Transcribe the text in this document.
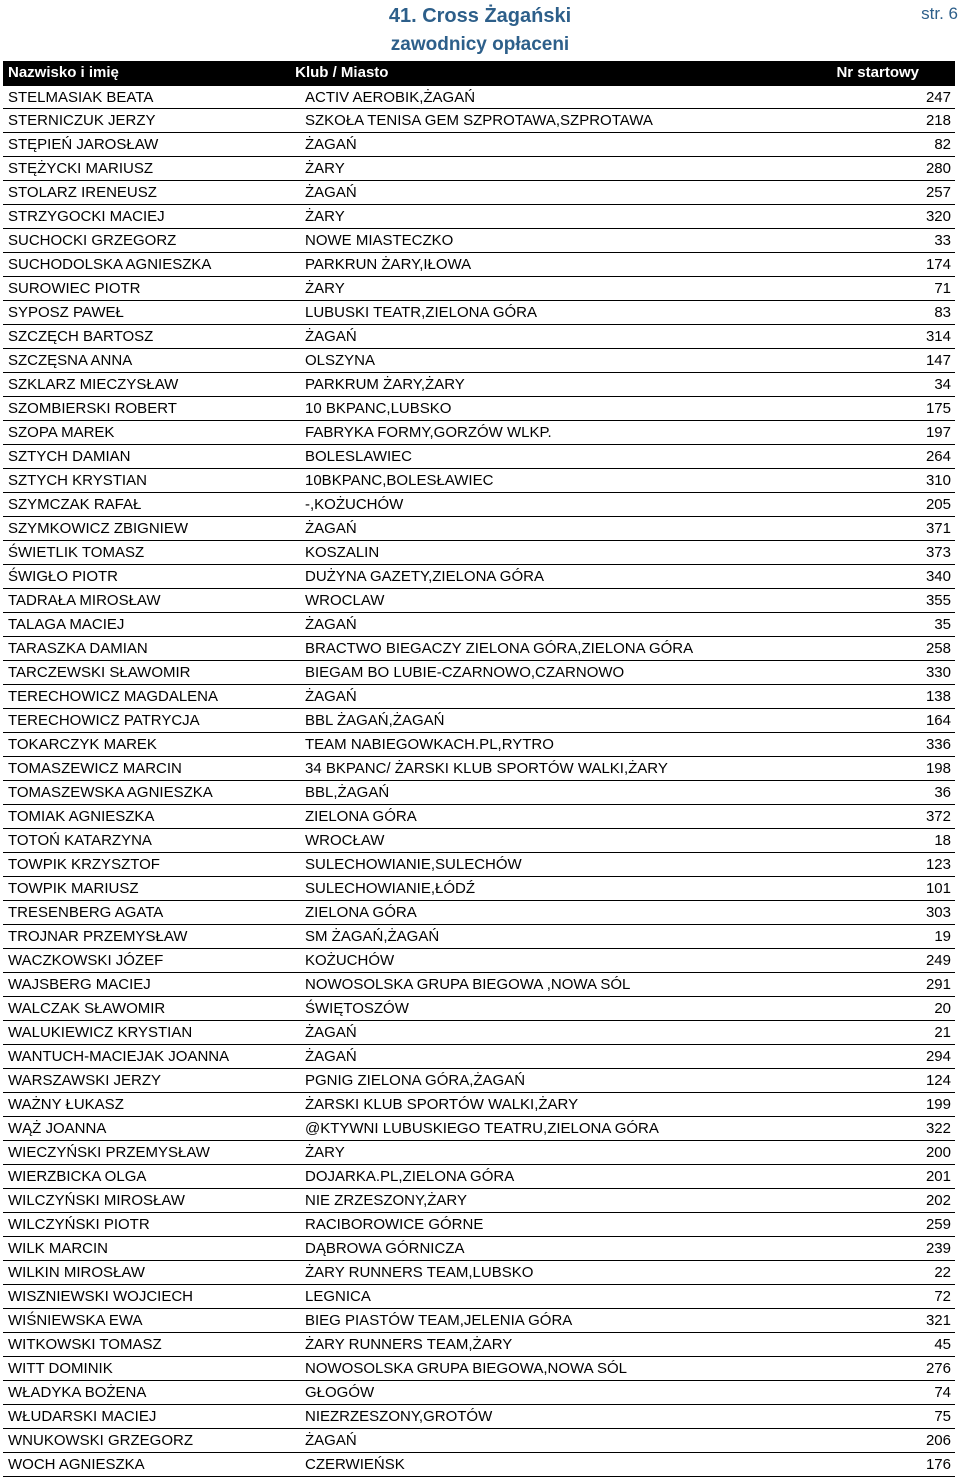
41. Cross Żagański
zawodnicy opłaceni
str. 6
Nazwisko i imię	Klub / Miasto	Nr startowy
STELMASIAK BEATA	ACTIV AEROBIK,ŻAGAŃ	247
STERNICZUK JERZY	SZKOŁA TENISA GEM SZPROTAWA,SZPROTAWA	218
STĘPIEŃ JAROSŁAW	ŻAGAŃ	82
STĘŻYCKI MARIUSZ	ŻARY	280
STOLARZ IRENEUSZ	ŻAGAŃ	257
STRZYGOCKI MACIEJ	ŻARY	320
SUCHOCKI GRZEGORZ	NOWE MIASTECZKO	33
SUCHODOLSKA AGNIESZKA	PARKRUN ŻARY,IŁOWA	174
SUROWIEC PIOTR	ŻARY	71
SYPOSZ PAWEŁ	LUBUSKI TEATR,ZIELONA GÓRA	83
SZCZĘCH BARTOSZ	ŻAGAŃ	314
SZCZĘSNA ANNA	OLSZYNA	147
SZKLARZ MIECZYSŁAW	PARKRUM ŻARY,ŻARY	34
SZOMBIERSKI ROBERT	10 BKPANC,LUBSKO	175
SZOPA MAREK	FABRYKA FORMY,GORZÓW WLKP.	197
SZTYCH DAMIAN	BOLESLAWIEC	264
SZTYCH KRYSTIAN	10BKPANC,BOLESŁAWIEC	310
SZYMCZAK RAFAŁ	-,KOŻUCHÓW	205
SZYMKOWICZ ZBIGNIEW	ŻAGAŃ	371
ŚWIETLIK TOMASZ	KOSZALIN	373
ŚWIGŁO PIOTR	DUŻYNA GAZETY,ZIELONA GÓRA	340
TADRAŁA MIROSŁAW	WROCLAW	355
TALAGA MACIEJ	ŻAGAŃ	35
TARASZKA DAMIAN	BRACTWO BIEGACZY ZIELONA GÓRA,ZIELONA GÓRA	258
TARCZEWSKI SŁAWOMIR	BIEGAM BO LUBIE-CZARNOWO,CZARNOWO	330
TERECHOWICZ MAGDALENA	ŻAGAŃ	138
TERECHOWICZ PATRYCJA	BBL ŻAGAŃ,ŻAGAŃ	164
TOKARCZYK MAREK	TEAM NABIEGOWKACH.PL,RYTRO	336
TOMASZEWICZ MARCIN	34 BKPANC/ ŻARSKI KLUB SPORTÓW WALKI,ŻARY	198
TOMASZEWSKA AGNIESZKA	BBL,ŻAGAŃ	36
TOMIAK AGNIESZKA	ZIELONA GÓRA	372
TOTOŃ KATARZYNA	WROCŁAW	18
TOWPIK KRZYSZTOF	SULECHOWIANIE,SULECHÓW	123
TOWPIK MARIUSZ	SULECHOWIANIE,ŁÓDŹ	101
TRESENBERG AGATA	ZIELONA GÓRA	303
TROJNAR PRZEMYSŁAW	SM ŻAGAŃ,ŻAGAŃ	19
WACZKOWSKI JÓZEF	KOŻUCHÓW	249
WAJSBERG MACIEJ	NOWOSOLSKA GRUPA BIEGOWA ,NOWA SÓL	291
WALCZAK SŁAWOMIR	ŚWIĘTOSZÓW	20
WALUKIEWICZ KRYSTIAN	ŻAGAŃ	21
WANTUCH-MACIEJAK JOANNA	ŻAGAŃ	294
WARSZAWSKI JERZY	PGNIG ZIELONA GÓRA,ŻAGAŃ	124
WAŻNY ŁUKASZ	ŻARSKI KLUB SPORTÓW WALKI,ŻARY	199
WĄŻ JOANNA	@KTYWNI LUBUSKIEGO TEATRU,ZIELONA GÓRA	322
WIECZYŃSKI PRZEMYSŁAW	ŻARY	200
WIERZBICKA OLGA	DOJARKA.PL,ZIELONA GÓRA	201
WILCZYŃSKI MIROSŁAW	NIE ZRZESZONY,ŻARY	202
WILCZYŃSKI PIOTR	RACIBOROWICE GÓRNE	259
WILK MARCIN	DĄBROWA GÓRNICZA	239
WILKIN MIROSŁAW	ŻARY RUNNERS TEAM,LUBSKO	22
WISZNIEWSKI WOJCIECH	LEGNICA	72
WIŚNIEWSKA EWA	BIEG PIASTÓW TEAM,JELENIA GÓRA	321
WITKOWSKI TOMASZ	ŻARY RUNNERS TEAM,ŻARY	45
WITT DOMINIK	NOWOSOLSKA GRUPA BIEGOWA,NOWA SÓL	276
WŁADYKA BOŻENA	GŁOGÓW	74
WŁUDARSKI MACIEJ	NIEZRZESZONY,GROTÓW	75
WNUKOWSKI GRZEGORZ	ŻAGAŃ	206
WOCH AGNIESZKA	CZERWIEŃSK	176
